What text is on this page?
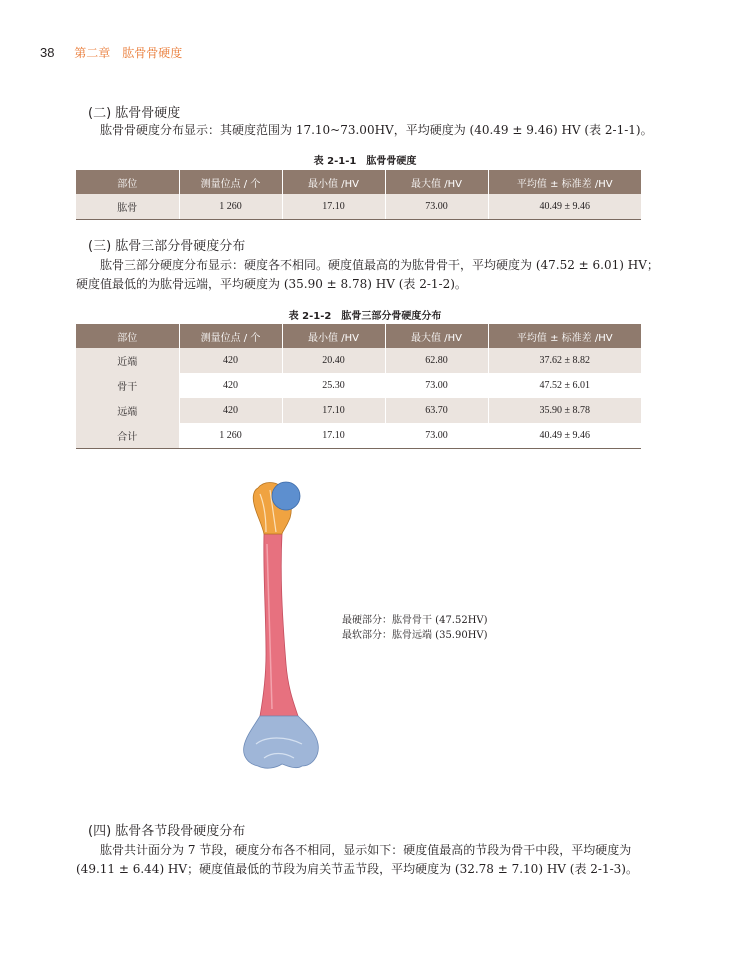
38 第二章　肱骨骨硬度
(二) 肱骨骨硬度

肱骨骨硬度分布显示：其硬度范围为 17.10~73.00HV，平均硬度为 (40.49 ± 9.46) HV (表 2-1-1)。

表 2-1-1　肱骨骨硬度
部位	测量位点 / 个	最小值 /HV	最大值 /HV	平均值 ± 标准差 /HV
肱骨	1 260	17.10	73.00	40.49 ± 9.46
(三) 肱骨三部分骨硬度分布

肱骨三部分硬度分布显示：硬度各不相同。硬度值最高的为肱骨骨干，平均硬度为 (47.52 ± 6.01) HV；

硬度值最低的为肱骨远端，平均硬度为 (35.90 ± 8.78) HV (表 2-1-2)。

表 2-1-2　肱骨三部分骨硬度分布
部位	测量位点 / 个	最小值 /HV	最大值 /HV	平均值 ± 标准差 /HV
近端	420	20.40	62.80	37.62 ± 8.82
骨干	420	25.30	73.00	47.52 ± 6.01
远端	420	17.10	63.70	35.90 ± 8.78
合计	1 260	17.10	73.00	40.49 ± 9.46
最硬部分：肱骨骨干 (47.52HV)
最软部分：肱骨远端 (35.90HV)
(四) 肱骨各节段骨硬度分布

肱骨共计面分为 7 节段，硬度分布各不相同，显示如下：硬度值最高的节段为骨干中段，平均硬度为

(49.11 ± 6.44) HV；硬度值最低的节段为肩关节盂节段，平均硬度为 (32.78 ± 7.10) HV (表 2-1-3)。
